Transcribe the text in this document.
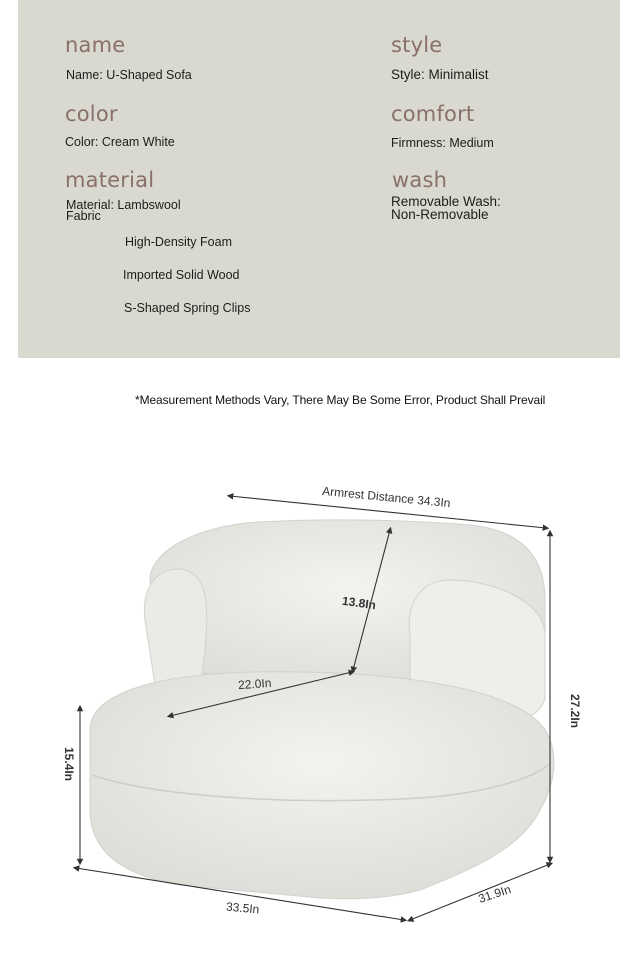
name
Name: U-Shaped Sofa
style
Style: Minimalist
color
Color: Cream White
comfort
Firmness: Medium
material
Material: Lambswool
Fabric
High-Density Foam
Imported Solid Wood
S-Shaped Spring Clips
wash
Removable Wash:
Non-Removable
*Measurement Methods Vary, There May Be Some Error, Product Shall Prevail
Armrest Distance 34.3In
13.8In
22.0In
27.2In
15.4In
33.5In
31.9In
